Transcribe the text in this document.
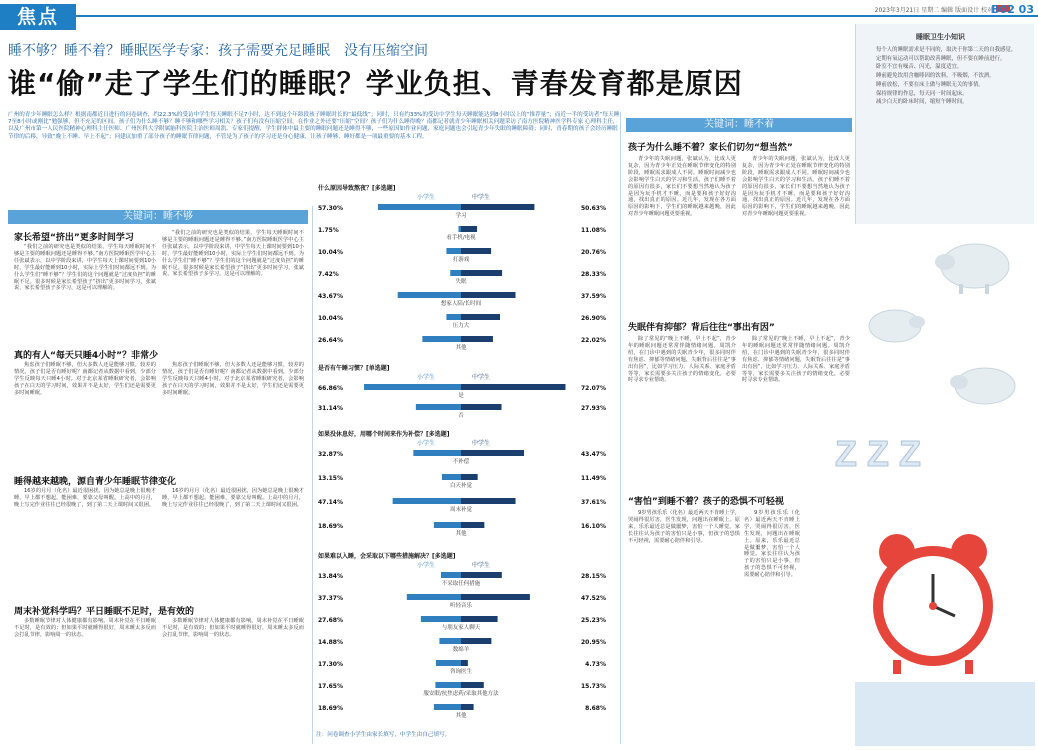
焦点	2023年3月21日 星期二 编辑 版面设计 校对
B02 03
睡不够？睡不着？睡眠医学专家：孩子需要充足睡眠　没有压缩空间
谁“偷”走了学生们的睡眠？学业负担、青春发育都是原因
广州的青少年睡眠怎么样？根据南都近日进行的问卷调查，约22.3%的受访中学生每天睡眠不足7小时，达不到这个年龄段孩子睡眠时长的“最低线”；同时，只有约33%的受访中学生每天睡眠能达到8小时以上的“推荐量”；而近一半的受访者“每天睡7至8小时或刚比”勉强够，但不充足的区间。孩子们为什么睡不够？睡不够和哪些学习相关？孩子们有没有压缩空间，在作业之外还要“压缩”空间？孩子们为什么睡得晚？南都记者就青少年睡眠相关问题采访了南方医院精神医学科专家 心理科主任，以及广州市第一人民医院精神心理科主任医师、广州医科大学附属脑科医院主治医师周凯。专家们提醒，学生群体中最主要的睡眠问题还是睡得不够，一些原因如作业问题、家庭问题也会引起青少年失眠的睡眠障碍；同时，青春期的孩子会经历睡眠节律的后移，导致“晚上不睡、早上不起”；问建议加重了部分孩子的睡眠节律问题，不管是为了孩子的学习还是身心健康，让孩子睡够、睡好都是一项最重要的基本工程。
关键词：睡不够
家长希望“挤出”更多时间学习
“我们之前的研究也是类似的结果，学生每天睡眠时间不够是主要的睡眠问题还是睡得不够。”南方医院睡眠医学中心主任张斌表示，以中学阶段来讲，中学生每天上课时间要到10小时，学生最好能睡到10小时，实际上学生们时间都远不到。为什么学生们“睡不够”？学生们的这个问题就是“过度负担”的睡眠不足。很多时候是家长希望孩子“挤出”更多时间学习，张斌说，家长希望孩子多学习，这是可以理解的。
“我们之前的研究也是类似的结果，学生每天睡眠时间不够是主要的睡眠问题还是睡得不够。”南方医院睡眠医学中心主任张斌表示，以中学阶段来讲，中学生每天上课时间要到10小时，学生最好能睡到10小时，实际上学生们时间都远不到。为什么学生们“睡不够”？学生们的这个问题就是“过度负担”的睡眠不足。很多时候是家长希望孩子“挤出”更多时间学习，张斌说，家长希望孩子多学习，这是可以理解的。
真的有人“每天只睡4小时”？非常少
焦虑孩子们睡眠不够，但大多数人还是能够习惯，较差的情况，孩子们是否有睡好呢？南都记者从数据中看到，少部分学生反映每天只睡4小时。对于北京某省睡眠研究者，会影响孩子在白天的学习时间，效果并不是太好，学生们还是需要更多时间睡眠。
焦虑孩子们睡眠不够，但大多数人还是能够习惯，较差的情况，孩子们是否有睡好呢？南都记者从数据中看到，少部分学生反映每天只睡4小时。对于北京某省睡眠研究者，会影响孩子在白天的学习时间，效果并不是太好，学生们还是需要更多时间睡眠。
睡得越来越晚，源自青少年睡眠节律变化
16岁的月月（化名）最近很困扰，因为她总是晚上很晚才睡，早上都不想起，能困难，要靠父母叫醒。上高中的月月，晚上写完作业往往已经很晚了，到了第二天上课时间又很困。
16岁的月月（化名）最近很困扰，因为她总是晚上很晚才睡，早上都不想起，能困难，要靠父母叫醒。上高中的月月，晚上写完作业往往已经很晚了，到了第二天上课时间又很困。
周末补觉科学吗？平日睡眠不足时，是有效的
多数睡眠节律对人体健康都有影响。周末补觉在平日睡眠不足时，是有效的；但如果平时就睡得很好，周末睡太多反而会打乱节律，影响周一的状态。
多数睡眠节律对人体健康都有影响。周末补觉在平日睡眠不足时，是有效的；但如果平时就睡得很好，周末睡太多反而会打乱节律，影响周一的状态。
什么原因导致熬夜？[多选题]
小学生	中学生
57.30%	50.63%
学习
1.75%	11.08%
看手机/电视
10.04%	20.76%
打游戏
7.42%	28.33%
失眠
43.67%	37.59%
想家人陪/长时间
10.04%	26.90%
压力大
26.64%	22.02%
其他
是否有午睡习惯？[单选题]
小学生	中学生
66.86%	72.07%
是
31.14%	27.93%
否
如果没休息好，用哪个时间来作为补偿？[多选题]
小学生	中学生
32.87%	43.47%
不补偿
13.15%	11.49%
白天补觉
47.14%	37.61%
周末补觉
18.69%	16.10%
其他
如果难以入睡，会采取以下哪些措施解决？[多选题]
小学生	中学生
13.84%	28.15%
不采取任何措施
37.37%	47.52%
听轻音乐
27.68%	25.23%
与朋友家人聊天
14.88%	20.95%
数绵羊
17.30%	4.73%
咨询医生
17.65%	15.73%
服安眠/抗焦虑药/采取其他方法
18.69%	8.68%
其他
注：问卷调查小学生由家长填写，中学生由自己填写。
关键词：睡不着
孩子为什么睡不着？家长们切勿“想当然”
青少年的失眠问题，张斌认为，比成人更复杂，因为青少年正处在睡眠节律变化的特别阶段，睡眠需求跟成人不同。睡眠时间减少也会影响学生白天的学习和生活。孩子们睡不着的原因有很多，家长们不要想当然地认为孩子是因为玩手机才不睡，而是要和孩子好好沟通，找出真正的原因。近几年，发现在各方面原因的影响下，学生们的睡眠越来越晚，因此对青少年睡眠问题更要重视。
青少年的失眠问题，张斌认为，比成人更复杂，因为青少年正处在睡眠节律变化的特别阶段，睡眠需求跟成人不同。睡眠时间减少也会影响学生白天的学习和生活。孩子们睡不着的原因有很多，家长们不要想当然地认为孩子是因为玩手机才不睡，而是要和孩子好好沟通，找出真正的原因。近几年，发现在各方面原因的影响下，学生们的睡眠越来越晚，因此对青少年睡眠问题更要重视。
失眠伴有抑郁？背后往往“事出有因”
除了常见的“晚上不睡，早上不起”，青少年的睡眠问题还常常伴随情绪问题。周凯介绍，在门诊中遇到的失眠青少年，很多同时伴有焦虑、抑郁等情绪问题，失眠背后往往是“事出有因”，比如学习压力、人际关系、家庭矛盾等等，家长需要多关注孩子的情绪变化，必要时寻求专业帮助。
除了常见的“晚上不睡，早上不起”，青少年的睡眠问题还常常伴随情绪问题。周凯介绍，在门诊中遇到的失眠青少年，很多同时伴有焦虑、抑郁等情绪问题，失眠背后往往是“事出有因”，比如学习压力、人际关系、家庭矛盾等等，家长需要多关注孩子的情绪变化，必要时寻求专业帮助。
“害怕”到睡不着？孩子的恐惧不可轻视
9岁男孩乐乐（化名）最近两天不肯睡上学，哭闹得很厉害，医生发现，问题出在睡眠上。原来，乐乐最近总是做噩梦，害怕一个人睡觉。家长往往认为孩子的害怕只是小事，但孩子的恐惧不可轻视，需要耐心陪伴和引导。
9岁男孩乐乐（化名）最近两天不肯睡上学，哭闹得很厉害，医生发现，问题出在睡眠上。原来，乐乐最近总是做噩梦，害怕一个人睡觉。家长往往认为孩子的害怕只是小事，但孩子的恐惧不可轻视，需要耐心陪伴和引导。
睡眠卫生小知识
每个人的睡眠需求是不同的，取决于你第二天的自我感觉。
定期有氧运动可以帮助改善睡眠，但不要在睡前进行。
卧室不宜有噪音、闪光，温度适宜。
睡前避免饮用含咖啡因的饮料，不吸烟，不饮酒。
睡前放松，不要在床上做与睡眠无关的事情。
保持规律的作息，每天同一时间起床。
减少白天的卧床时间，缩短午睡时间。
Z Z Z
